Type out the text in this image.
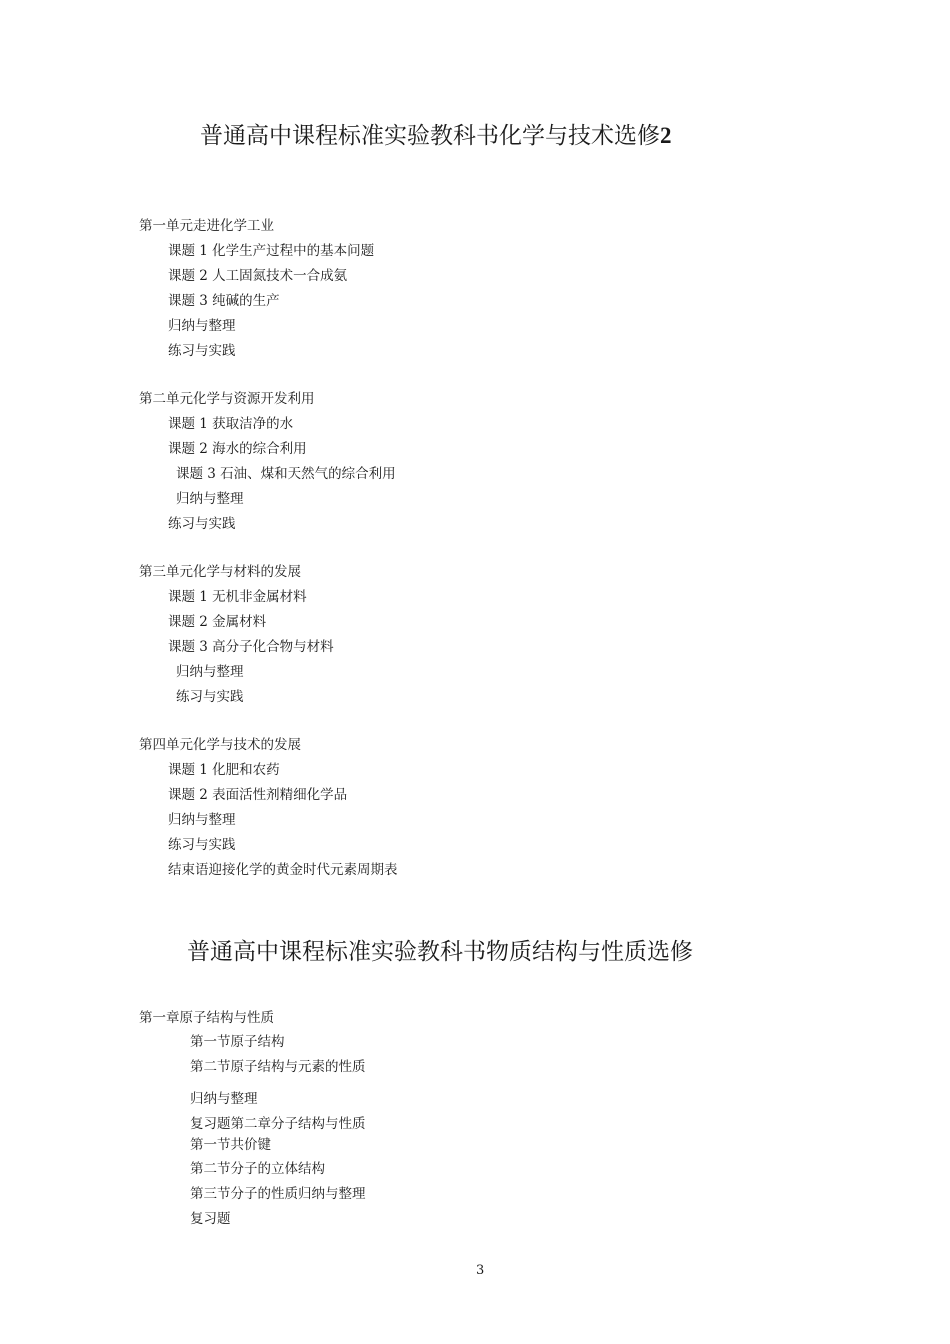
普通高中课程标准实验教科书化学与技术选修2
第一单元走进化学工业
课题 1 化学生产过程中的基本问题
课题 2 人工固氮技术一合成氨
课题 3 纯碱的生产
归纳与整理
练习与实践
第二单元化学与资源开发利用
课题 1 获取洁净的水
课题 2 海水的综合利用
课题 3 石油、煤和天然气的综合利用
归纳与整理
练习与实践
第三单元化学与材料的发展
课题 1 无机非金属材料
课题 2 金属材料
课题 3 高分子化合物与材料
归纳与整理
练习与实践
第四单元化学与技术的发展
课题 1 化肥和农药
课题 2 表面活性剂精细化学品
归纳与整理
练习与实践
结束语迎接化学的黄金时代元素周期表
普通高中课程标准实验教科书物质结构与性质选修
第一章原子结构与性质
第一节原子结构
第二节原子结构与元素的性质
归纳与整理
复习题第二章分子结构与性质
第一节共价键
第二节分子的立体结构
第三节分子的性质归纳与整理
复习题
3
